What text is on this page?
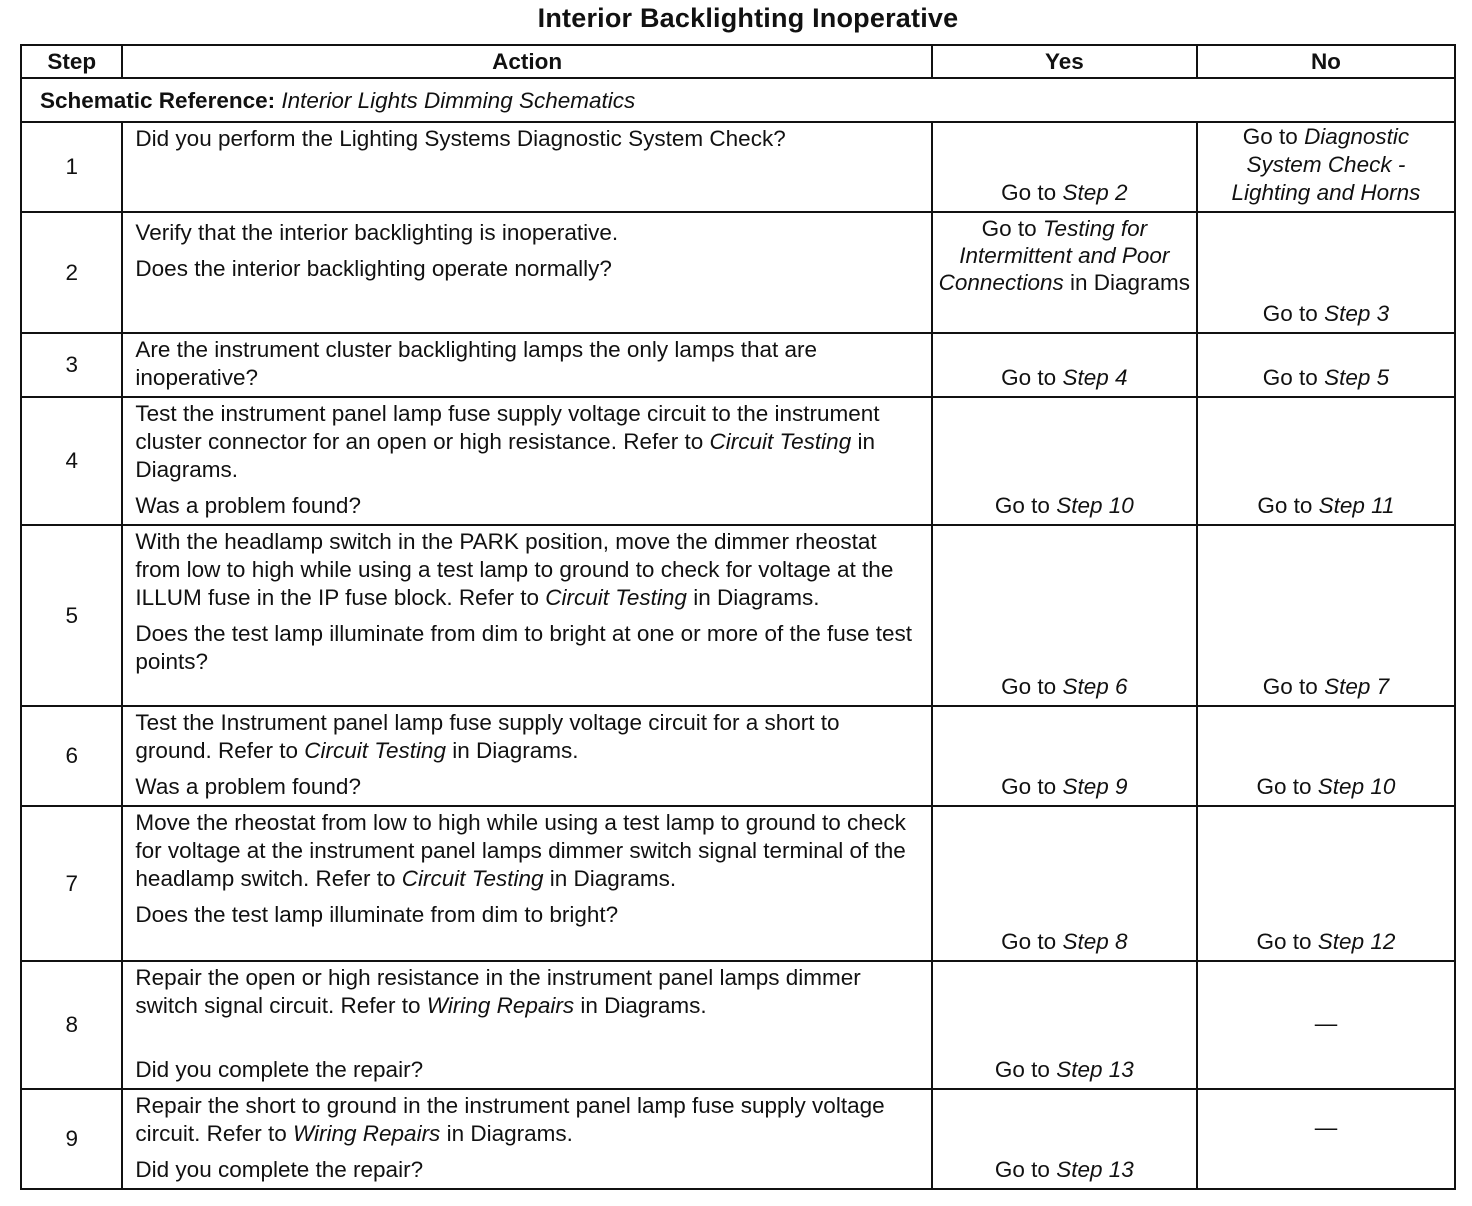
Interior Backlighting Inoperative
Step	Action	Yes	No
Schematic Reference: Interior Lights Dimming Schematics			
1	Did you perform the Lighting Systems Diagnostic System Check?	Go to Step 2	Go to Diagnostic System Check - Lighting and Horns
2	Verify that the interior backlighting is inoperative.

Does the interior backlighting operate normally?	Go to Testing for Intermittent and Poor Connections in Diagrams	Go to Step 3
3	Are the instrument cluster backlighting lamps the only lamps that are inoperative?	Go to Step 4	Go to Step 5
4	Test the instrument panel lamp fuse supply voltage circuit to the instrument cluster connector for an open or high resistance. Refer to Circuit Testing in Diagrams.

Was a problem found?	Go to Step 10	Go to Step 11
5	With the headlamp switch in the PARK position, move the dimmer rheostat from low to high while using a test lamp to ground to check for voltage at the ILLUM fuse in the IP fuse block. Refer to Circuit Testing in Diagrams.

Does the test lamp illuminate from dim to bright at one or more of the fuse test points?	Go to Step 6	Go to Step 7
6	Test the Instrument panel lamp fuse supply voltage circuit for a short to ground. Refer to Circuit Testing in Diagrams.

Was a problem found?	Go to Step 9	Go to Step 10
7	Move the rheostat from low to high while using a test lamp to ground to check for voltage at the instrument panel lamps dimmer switch signal terminal of the headlamp switch. Refer to Circuit Testing in Diagrams.

Does the test lamp illuminate from dim to bright?	Go to Step 8	Go to Step 12
8	Repair the open or high resistance in the instrument panel lamps dimmer switch signal circuit. Refer to Wiring Repairs in Diagrams.

Did you complete the repair?	Go to Step 13	—
9	Repair the short to ground in the instrument panel lamp fuse supply voltage circuit. Refer to Wiring Repairs in Diagrams.

Did you complete the repair?	Go to Step 13	—
